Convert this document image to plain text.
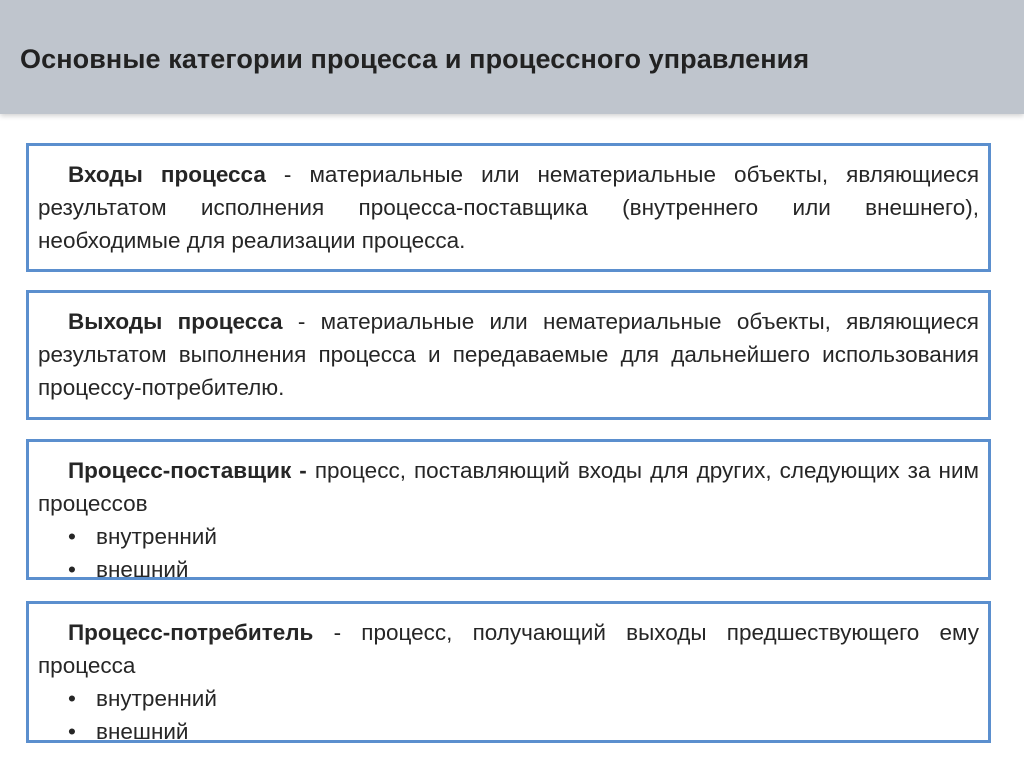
Основные категории процесса и процессного управления

Входы процесса - материальные или нематериальные объекты, являющиеся результатом исполнения процесса-поставщика (внутреннего или внешнего), необходимые для реализации процесса.

Выходы процесса - материальные или нематериальные объекты, являющиеся результатом выполнения процесса и передаваемые для дальнейшего использования процессу-потребителю.

Процесс-поставщик - процесс, поставляющий входы для других, следующих за ним процессов

• внутренний
• внешний

Процесс-потребитель - процесс, получающий выходы предшествующего ему процесса

• внутренний
• внешний
